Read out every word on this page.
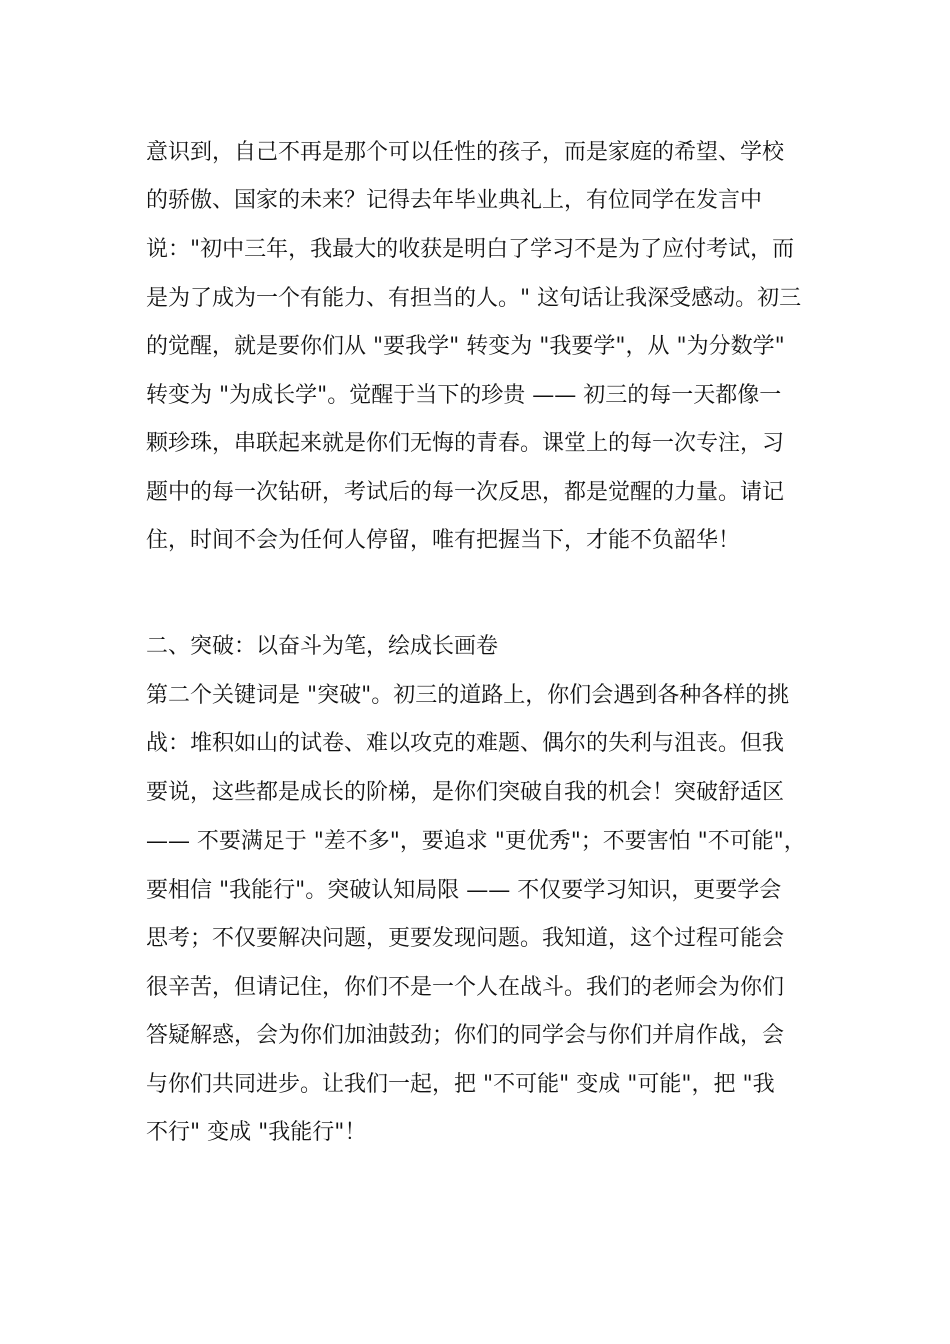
意识到，自己不再是那个可以任性的孩子，而是家庭的希望、学校
的骄傲、国家的未来？记得去年毕业典礼上，有位同学在发言中
说："初中三年，我最大的收获是明白了学习不是为了应付考试，而
是为了成为一个有能力、有担当的人。" 这句话让我深受感动。初三
的觉醒，就是要你们从 "要我学" 转变为 "我要学"，从 "为分数学"
转变为 "为成长学"。觉醒于当下的珍贵 —— 初三的每一天都像一
颗珍珠，串联起来就是你们无悔的青春。课堂上的每一次专注，习
题中的每一次钻研，考试后的每一次反思，都是觉醒的力量。请记
住，时间不会为任何人停留，唯有把握当下，才能不负韶华！
二、突破：以奋斗为笔，绘成长画卷
第二个关键词是 "突破"。初三的道路上，你们会遇到各种各样的挑
战：堆积如山的试卷、难以攻克的难题、偶尔的失利与沮丧。但我
要说，这些都是成长的阶梯，是你们突破自我的机会！突破舒适区
—— 不要满足于 "差不多"，要追求 "更优秀"；不要害怕 "不可能"，
要相信 "我能行"。突破认知局限 —— 不仅要学习知识，更要学会
思考；不仅要解决问题，更要发现问题。我知道，这个过程可能会
很辛苦，但请记住，你们不是一个人在战斗。我们的老师会为你们
答疑解惑，会为你们加油鼓劲；你们的同学会与你们并肩作战，会
与你们共同进步。让我们一起，把 "不可能" 变成 "可能"，把 "我
不行" 变成 "我能行"！
